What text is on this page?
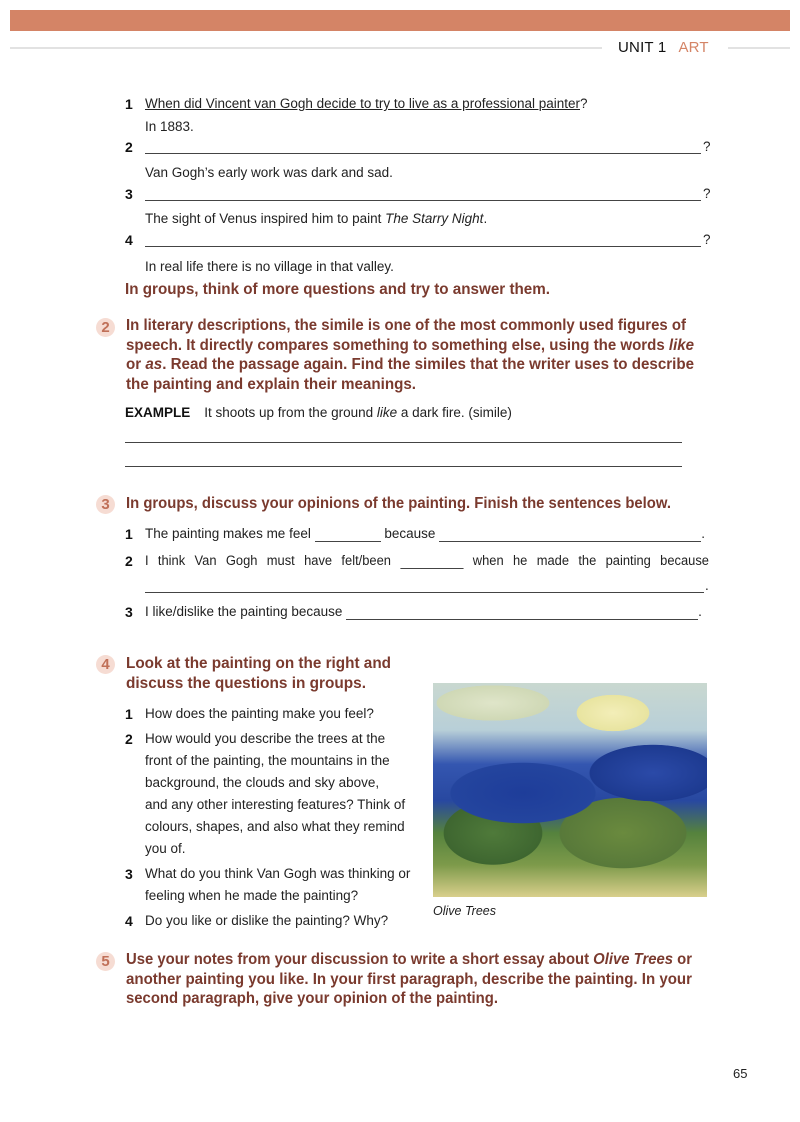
UNIT 1 ART
1 When did Vincent van Gogh decide to try to live as a professional painter?
In 1883.
2	?
Van Gogh’s early work was dark and sad.
3	?
The sight of Venus inspired him to paint The Starry Night.
4	?
In real life there is no village in that valley.
In groups, think of more questions and try to answer them.
2	In literary descriptions, the simile is one of the most commonly used figures of
speech. It directly compares something to something else, using the words like
or as. Read the passage again. Find the similes that the writer uses to describe
the painting and explain their meanings.
EXAMPLE It shoots up from the ground like a dark fire. (simile)
3	In groups, discuss your opinions of the painting. Finish the sentences below.
1 The painting makes me feel	because	.
2 I think Van Gogh must have felt/been	when he made the painting because
.
3 I like/dislike the painting because	.
4	Look at the painting on the right and
discuss the questions in groups.
1 How does the painting make you feel?
2 How would you describe the trees at the
front of the painting, the mountains in the
background, the clouds and sky above,
and any other interesting features? Think of
colours, shapes, and also what they remind
you of.
3 What do you think Van Gogh was thinking or
feeling when he made the painting?
4 Do you like or dislike the painting? Why?
Olive Trees
5	Use your notes from your discussion to write a short essay about Olive Trees or
another painting you like. In your first paragraph, describe the painting. In your
second paragraph, give your opinion of the painting.
65
